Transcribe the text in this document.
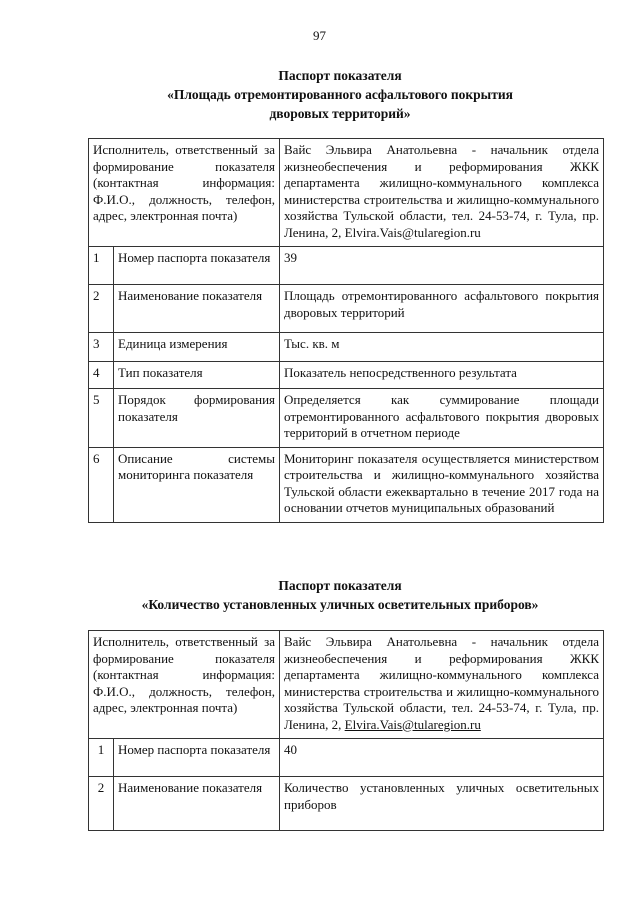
97
Паспорт показателя
«Площадь отремонтированного асфальтового покрытия
дворовых территорий»
Исполнитель, ответственный за формирование показателя (контактная информация: Ф.И.О., должность, телефон, адрес, электронная почта)		Вайс Эльвира Анатольевна - начальник отдела жизнеобеспечения и реформирования ЖКК департамента жилищно-коммунального комплекса министерства строительства и жилищно-коммунального хозяйства Тульской области, тел. 24-53-74, г. Тула, пр. Ленина, 2, Elvira.Vais@tularegion.ru
1	Номер паспорта показателя	39
2	Наименование показателя	Площадь отремонтированного асфальтового покрытия дворовых территорий
3	Единица измерения	Тыс. кв. м
4	Тип показателя	Показатель непосредственного результата
5	Порядок формирования показателя	Определяется как суммирование площади отремонтированного асфальтового покрытия дворовых территорий в отчетном периоде
6	Описание системы мониторинга показателя	Мониторинг показателя осуществляется министерством строительства и жилищно-коммунального хозяйства Тульской области ежеквартально в течение 2017 года на основании отчетов муниципальных образований
Паспорт показателя
«Количество установленных уличных осветительных приборов»
Исполнитель, ответственный за формирование показателя (контактная информация: Ф.И.О., должность, телефон, адрес, электронная почта)		Вайс Эльвира Анатольевна - начальник отдела жизнеобеспечения и реформирования ЖКК департамента жилищно-коммунального комплекса министерства строительства и жилищно-коммунального хозяйства Тульской области, тел. 24-53-74, г. Тула, пр. Ленина, 2, Elvira.Vais@tularegion.ru
1	Номер паспорта показателя	40
2	Наименование показателя	Количество установленных уличных осветительных приборов
